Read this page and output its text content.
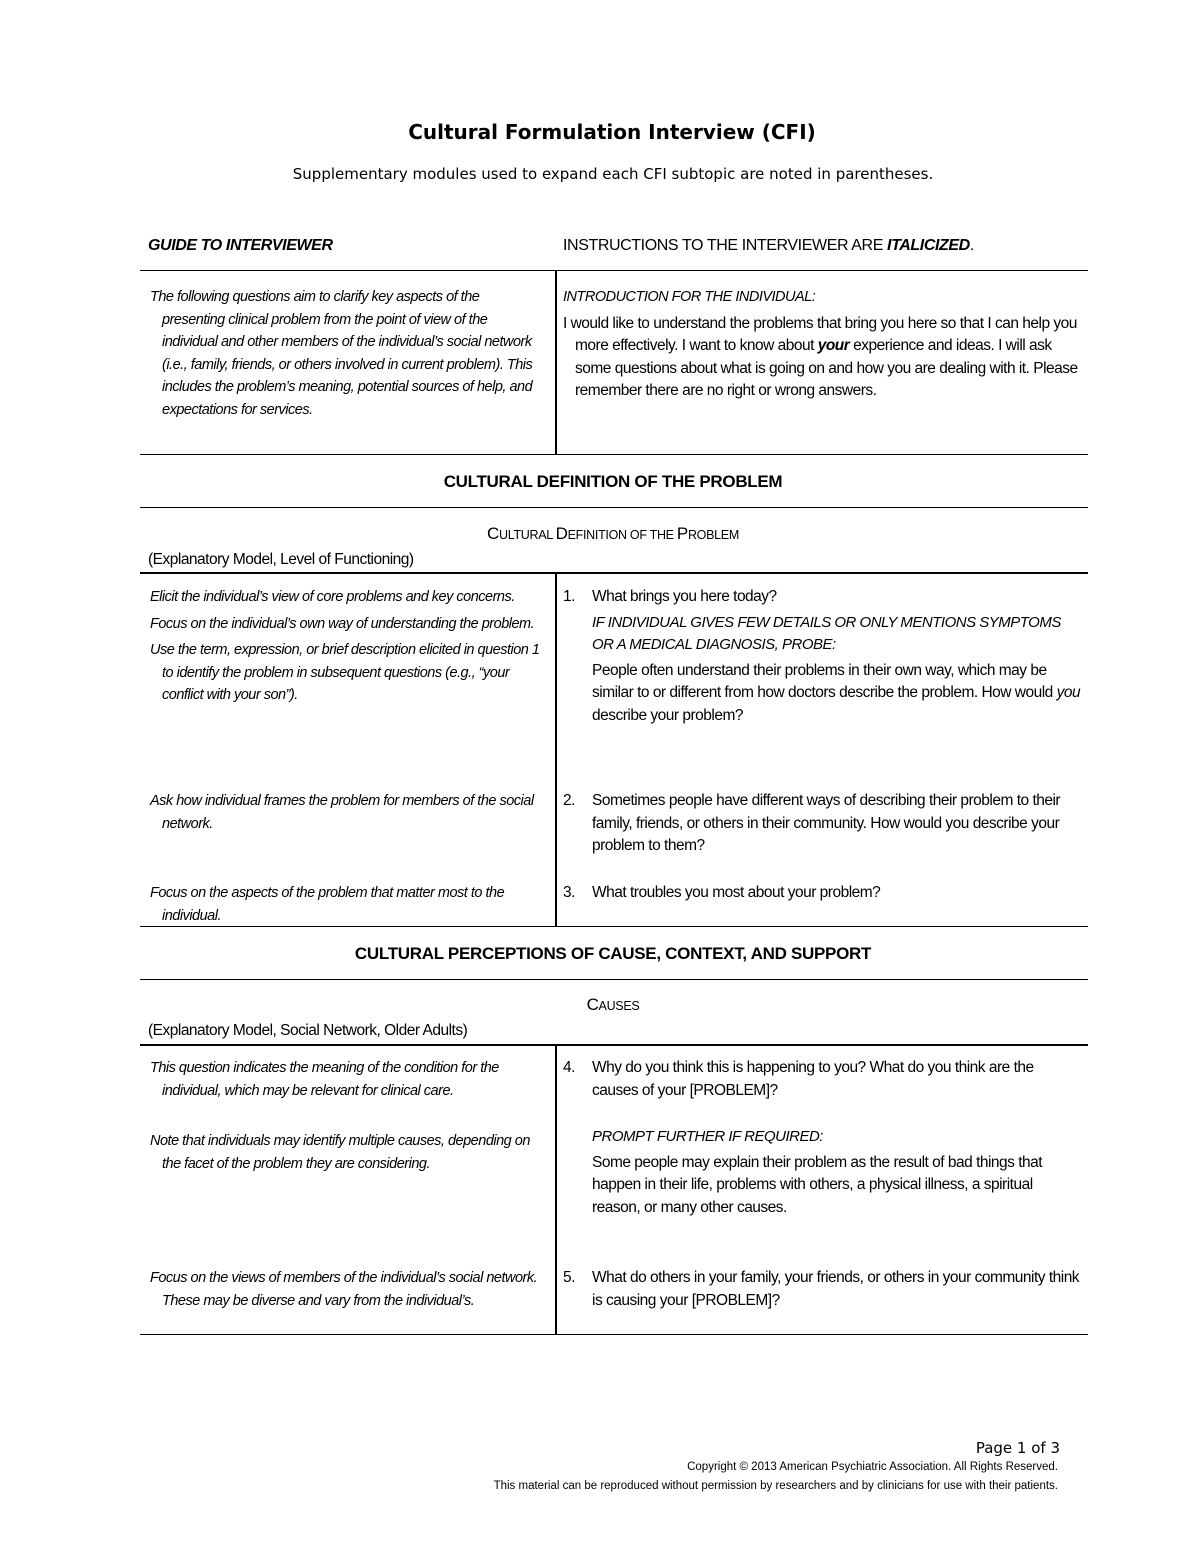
Cultural Formulation Interview (CFI)
Supplementary modules used to expand each CFI subtopic are noted in parentheses.
GUIDE TO INTERVIEWER	INSTRUCTIONS TO THE INTERVIEWER ARE ITALICIZED.

The following questions aim to clarify key aspects of the presenting clinical problem from the point of view of the individual and other members of the individual’s social network (i.e., family, friends, or others involved in current problem). This includes the problem’s meaning, potential sources of help, and expectations for services.

INTRODUCTION FOR THE INDIVIDUAL:

I would like to understand the problems that bring you here so that I can help you more effectively. I want to know about your experience and ideas. I will ask some questions about what is going on and how you are dealing with it. Please remember there are no right or wrong answers.

CULTURAL DEFINITION OF THE PROBLEM
CULTURAL DEFINITION OF THE PROBLEM
(Explanatory Model, Level of Functioning)

Elicit the individual’s view of core problems and key concerns.

Focus on the individual’s own way of understanding the problem.

Use the term, expression, or brief description elicited in question 1 to identify the problem in subsequent questions (e.g., “your conflict with your son”).

Ask how individual frames the problem for members of the social network.

Focus on the aspects of the problem that matter most to the individual.

1. What brings you here today?

IF INDIVIDUAL GIVES FEW DETAILS OR ONLY MENTIONS SYMPTOMS OR A MEDICAL DIAGNOSIS, PROBE:

People often understand their problems in their own way, which may be similar to or different from how doctors describe the problem. How would you describe your problem?

2. Sometimes people have different ways of describing their problem to their family, friends, or others in their community. How would you describe your problem to them?

3. What troubles you most about your problem?

CULTURAL PERCEPTIONS OF CAUSE, CONTEXT, AND SUPPORT
CAUSES
(Explanatory Model, Social Network, Older Adults)

This question indicates the meaning of the condition for the individual, which may be relevant for clinical care.

Note that individuals may identify multiple causes, depending on the facet of the problem they are considering.

Focus on the views of members of the individual’s social network. These may be diverse and vary from the individual’s.

4. Why do you think this is happening to you? What do you think are the causes of your [PROBLEM]?

PROMPT FURTHER IF REQUIRED:

Some people may explain their problem as the result of bad things that happen in their life, problems with others, a physical illness, a spiritual reason, or many other causes.

5. What do others in your family, your friends, or others in your community think is causing your [PROBLEM]?

Page 1 of 3
Copyright © 2013 American Psychiatric Association. All Rights Reserved.
This material can be reproduced without permission by researchers and by clinicians for use with their patients.
